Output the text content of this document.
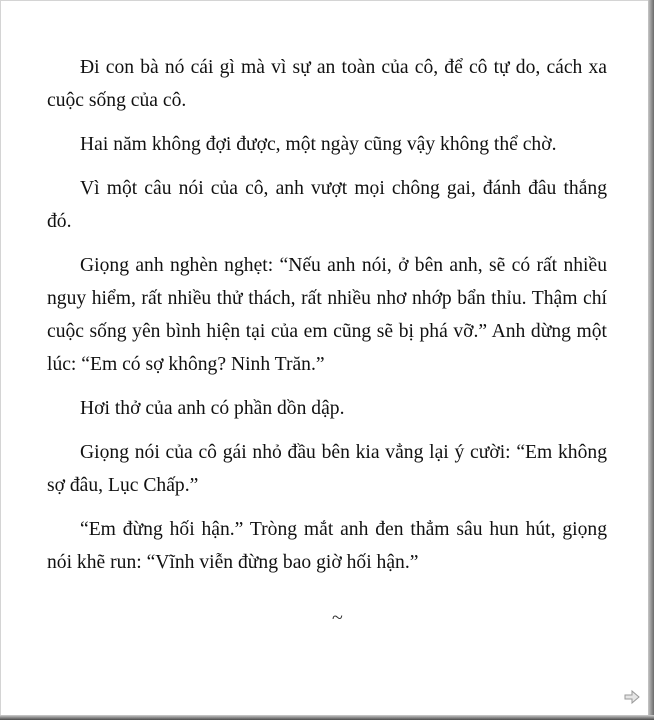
Đi con bà nó cái gì mà vì sự an toàn của cô, để cô tự do, cách xa cuộc sống của cô.

Hai năm không đợi được, một ngày cũng vậy không thể chờ.

Vì một câu nói của cô, anh vượt mọi chông gai, đánh đâu thắng đó.

Giọng anh nghèn nghẹt: “Nếu anh nói, ở bên anh, sẽ có rất nhiều nguy hiểm, rất nhiều thử thách, rất nhiều nhơ nhớp bẩn thỉu. Thậm chí cuộc sống yên bình hiện tại của em cũng sẽ bị phá vỡ.” Anh dừng một lúc: “Em có sợ không? Ninh Trăn.”

Hơi thở của anh có phần dồn dập.

Giọng nói của cô gái nhỏ đầu bên kia vẳng lại ý cười: “Em không sợ đâu, Lục Chấp.”

“Em đừng hối hận.” Tròng mắt anh đen thẳm sâu hun hút, giọng nói khẽ run: “Vĩnh viễn đừng bao giờ hối hận.”

~
